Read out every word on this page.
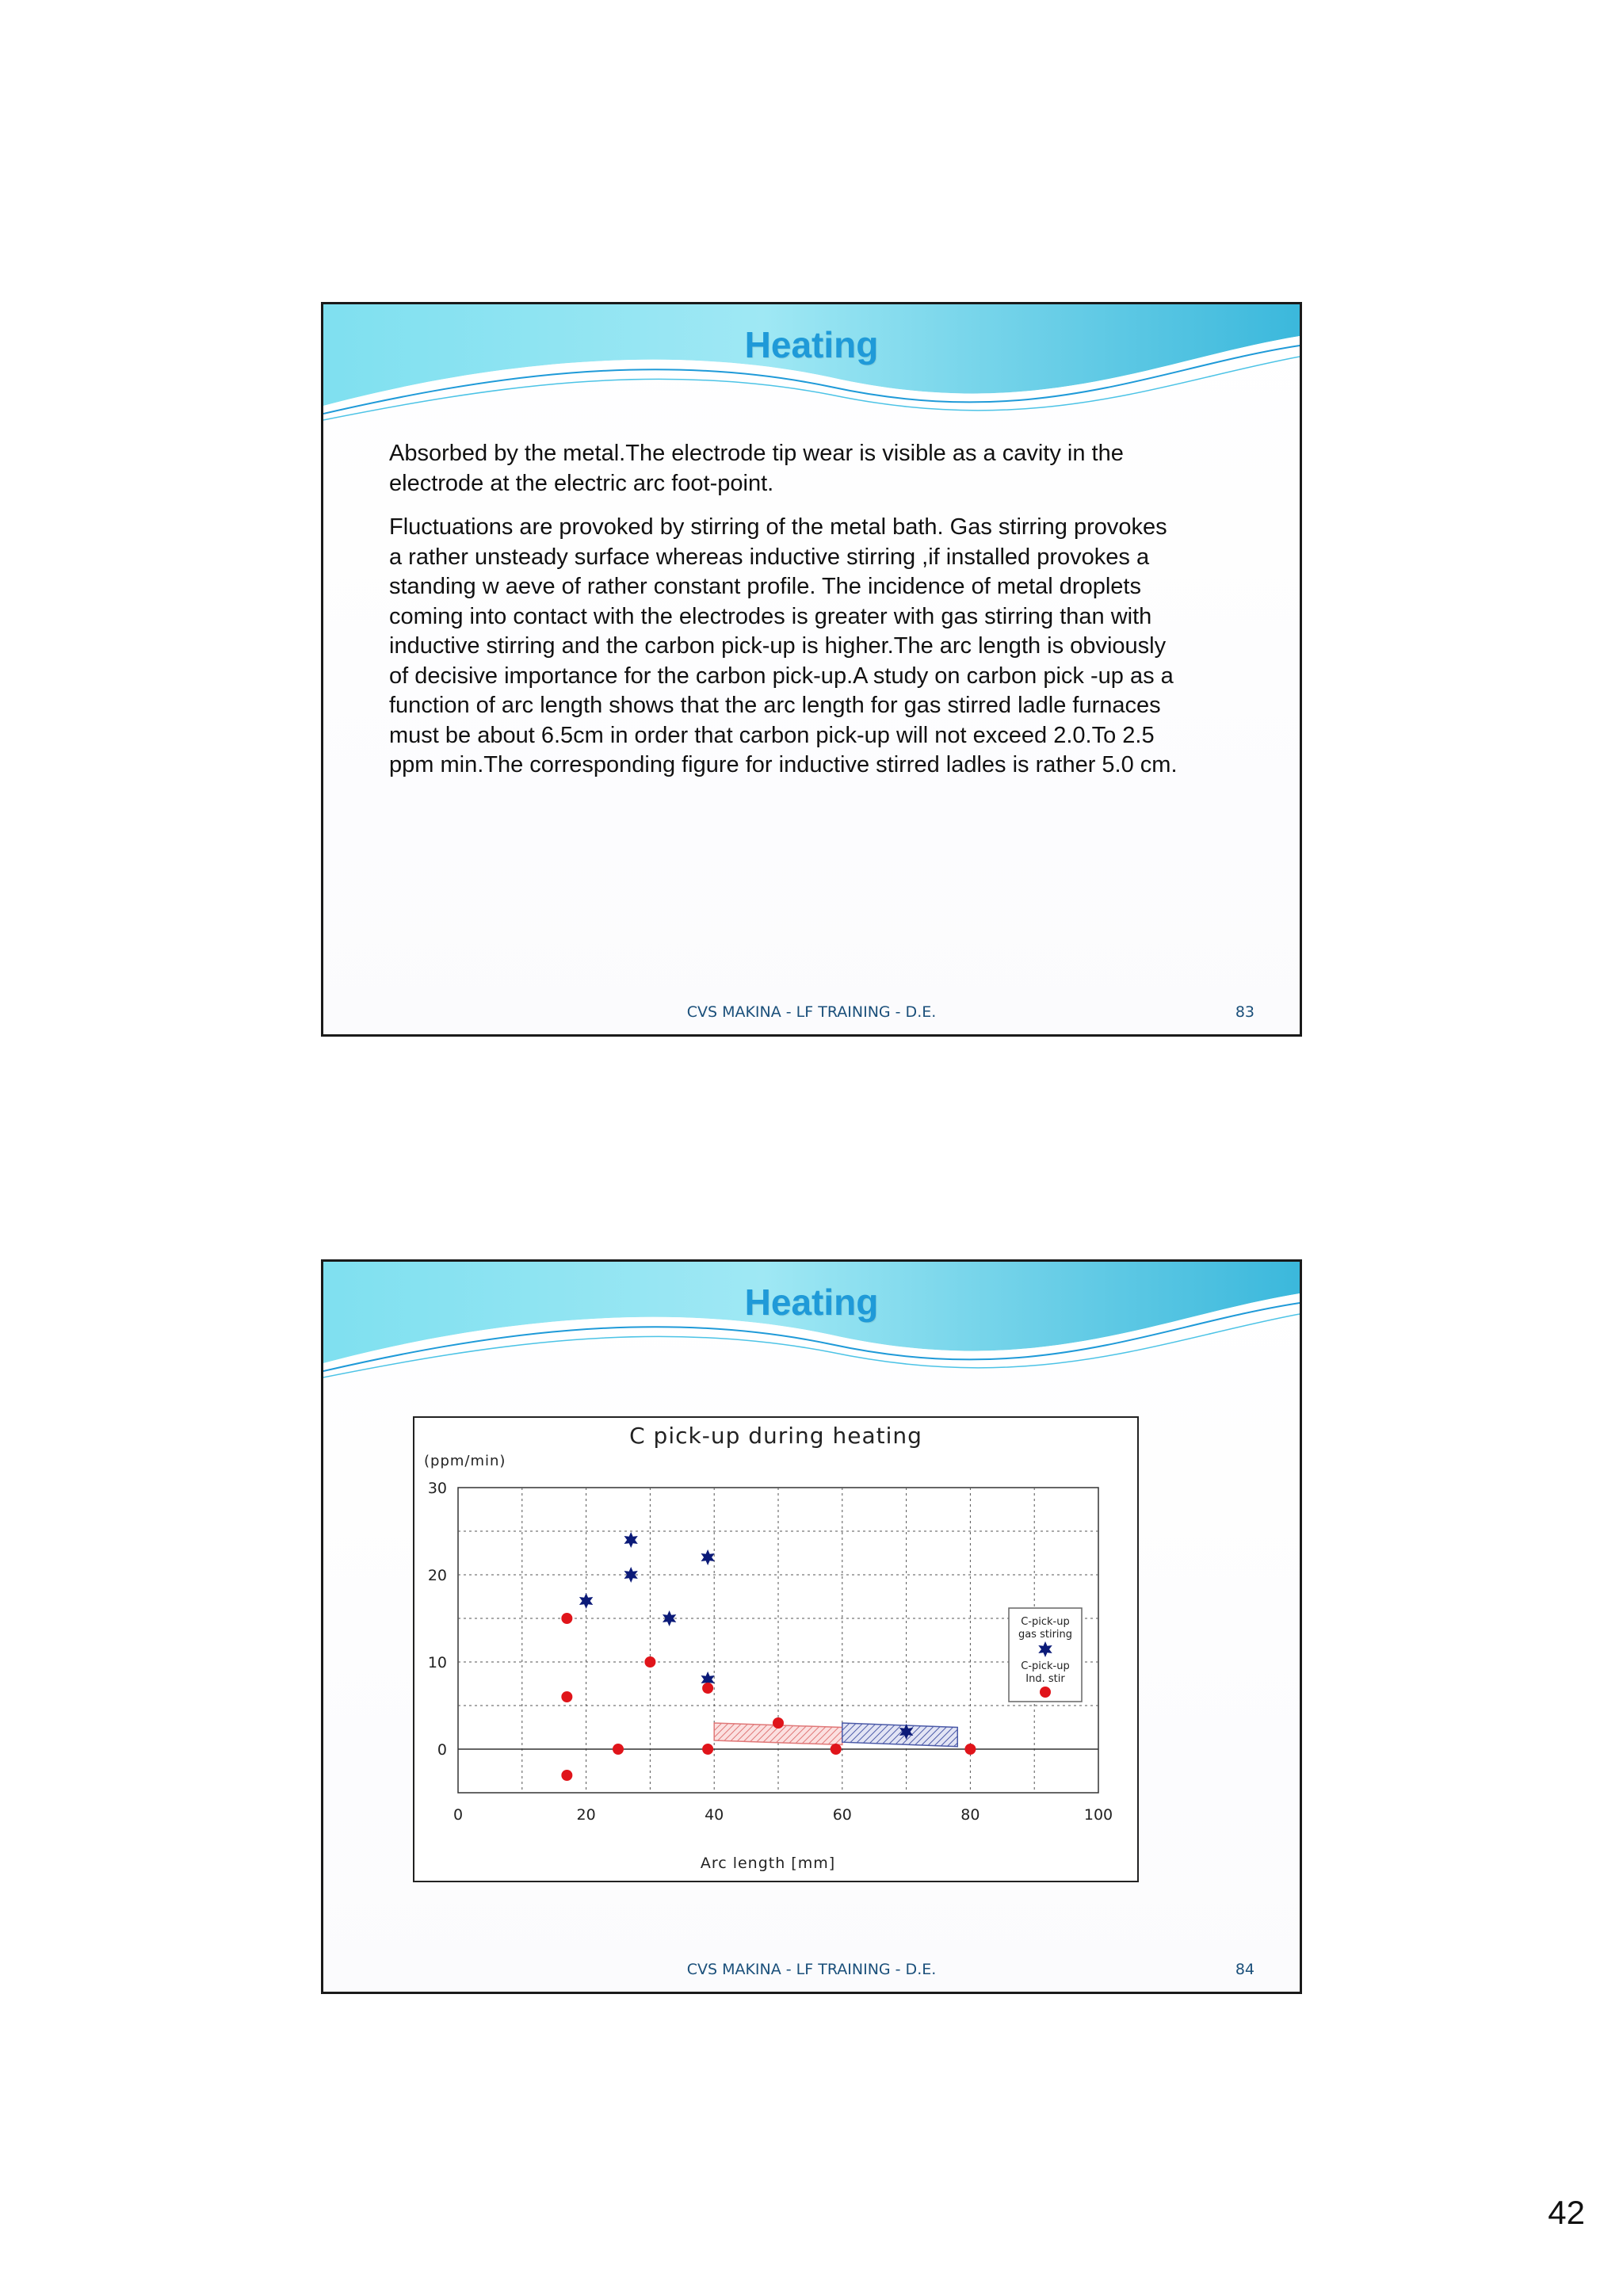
Heating

Absorbed by the metal.The electrode tip wear is visible as a cavity in the electrode at the electric arc foot-point.

Fluctuations are provoked by stirring of the metal bath. Gas stirring provokes a rather unsteady surface whereas inductive stirring ,if installed provokes a standing w aeve of rather constant profile. The incidence of metal droplets coming into contact with the electrodes is greater with gas stirring than with inductive stirring and the carbon pick-up is higher.The arc length is obviously of decisive importance for the carbon pick-up.A study on carbon pick -up as a function of arc length shows that the arc length for gas stirred ladle furnaces must be about 6.5cm in order that carbon pick-up will not exceed 2.0.To 2.5 ppm min.The corresponding figure for inductive stirred ladles is rather 5.0 cm.

CVS MAKINA - LF TRAINING - D.E.	83
Heating
C pick-up during heating
(ppm/min)
Arc length [mm]
0	20	40	60	80	100
0
10
20
30
C-pick-up
gas stiring
C-pick-up
Ind. stir
CVS MAKINA - LF TRAINING - D.E.	84
42
